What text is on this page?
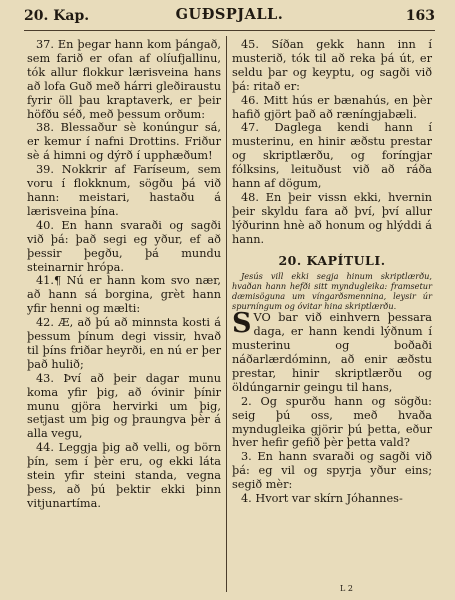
20. Kap.	GUÐSPJALL.	163

37. En þegar hann kom þángað, sem farið er ofan af olíufjallinu, tók allur flokkur lærisveina hans að lofa Guð með hárri gleðiraustu fyrir öll þau kraptaverk, er þeir höfðu séð, með þessum orðum:

38. Blessaður sè konúngur sá, er kemur í nafni Drottins. Friður sè á himni og dýrð í upphæðum!

39. Nokkrir af Faríseum, sem voru í flokknum, sögðu þá við hann: meistari, hastaðu á lærisveina þína.

40. En hann svaraði og sagði við þá: það segi eg yður, ef að þessir þegðu, þá mundu steinarnir hrópa.

41.¶ Nú er hann kom svo nær, að hann sá borgina, grèt hann yfir henni og mælti:

42. Æ, að þú að minnsta kosti á þessum þínum degi vissir, hvað til þíns friðar heyrði, en nú er þer það hulið;

43. Því að þeir dagar munu koma yfir þig, að óvinir þínir munu gjöra hervirki um þig, setjast um þig og þraungva þèr á alla vegu,

44. Leggja þig að velli, og börn þín, sem í þèr eru, og ekki láta stein yfir steini standa, vegna þess, að þú þektir ekki þinn vitjunartíma.

45. Síðan gekk hann inn í musterið, tók til að reka þá út, er seldu þar og keyptu, og sagði við þá: ritað er:

46. Mitt hús er bænahús, en þèr hafið gjört það að ræníngjabæli.

47. Daglega kendi hann í musterinu, en hinir æðstu prestar og skriptlærðu, og foríngjar fólksins, leituðust við að ráða hann af dögum,

48. En þeir vissn ekki, hvernin þeir skyldu fara að því, því allur lýðurinn hnè að honum og hlýddi á hann.

20. KAPÍTULI.

Jesús vill ekki segja hinum skriptlærðu, hvaðan hann hefði sitt myndugleika: framsetur dæmisöguna um víngarðsmennina, leysir úr spurníngum og óvitar hina skriptlærðu.

SVO bar við einhvern þessara daga, er hann kendi lýðnum í musterinu og boðaði náðarlærdóminn, að enir æðstu prestar, hinir skriptlærðu og öldúngarnir geingu til hans,

2. Og spurðu hann og sögðu: seig þú oss, með hvaða myndugleika gjörir þú þetta, eður hver hefir gefið þèr þetta vald?

3. En hann svaraði og sagði við þá: eg vil og spyrja yður eins; segið mèr:

4. Hvort var skírn Jóhannes-

L 2
